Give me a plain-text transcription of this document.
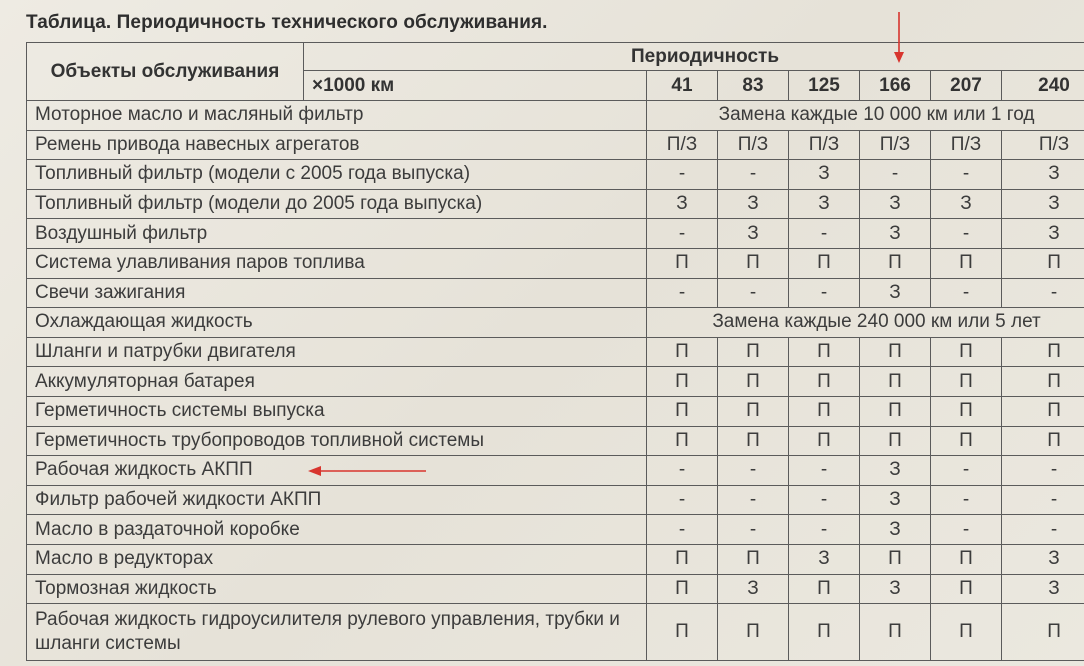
Таблица. Периодичность технического обслуживания.
Объекты обслуживания	Периодичность						
	×1000 км	41	83	125	166	207	240
Моторное масло и масляный фильтр		Замена каждые 10 000 км или 1 год					
Ремень привода навесных агрегатов		П/З	П/З	П/З	П/З	П/З	П/З
Топливный фильтр (модели с 2005 года выпуска)		-	-	З	-	-	З
Топливный фильтр (модели до 2005 года выпуска)		З	З	З	З	З	З
Воздушный фильтр		-	З	-	З	-	З
Система улавливания паров топлива		П	П	П	П	П	П
Свечи зажигания		-	-	-	З	-	-
Охлаждающая жидкость		Замена каждые 240 000 км или 5 лет					
Шланги и патрубки двигателя		П	П	П	П	П	П
Аккумуляторная батарея		П	П	П	П	П	П
Герметичность системы выпуска		П	П	П	П	П	П
Герметичность трубопроводов топливной системы		П	П	П	П	П	П
Рабочая жидкость АКПП		-	-	-	З	-	-
Фильтр рабочей жидкости АКПП		-	-	-	З	-	-
Масло в раздаточной коробке		-	-	-	З	-	-
Масло в редукторах		П	П	З	П	П	З
Тормозная жидкость		П	З	П	З	П	З
Рабочая жидкость гидроусилителя рулевого управления, трубки и шланги системы		П	П	П	П	П	П
